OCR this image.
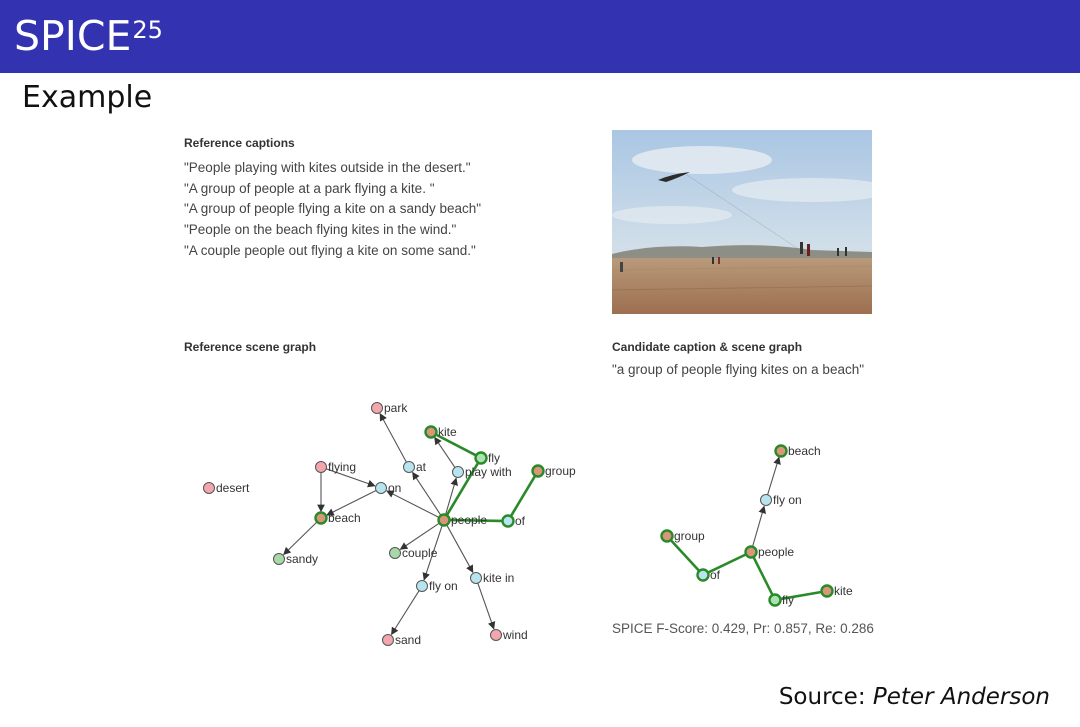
SPICE$^{25}$
Example
Reference captions
"People playing with kites outside in the desert."
"A group of people at a park flying a kite. "
"A group of people flying a kite on a sandy beach"
"People on the beach flying kites in the wind."
"A couple people out flying a kite on some sand."
Reference scene graph	Candidate caption & scene graph
"a group of people flying kites on a beach"
desert
park
kite
fly
flying	at	play with	group
on
beach	people of
couple
sandy
fly on
kite in
sand	wind
beach
fly on
group
people
of
fly
kite
SPICE F-Score: 0.429, Pr: 0.857, Re: 0.286
Source: Peter Anderson
